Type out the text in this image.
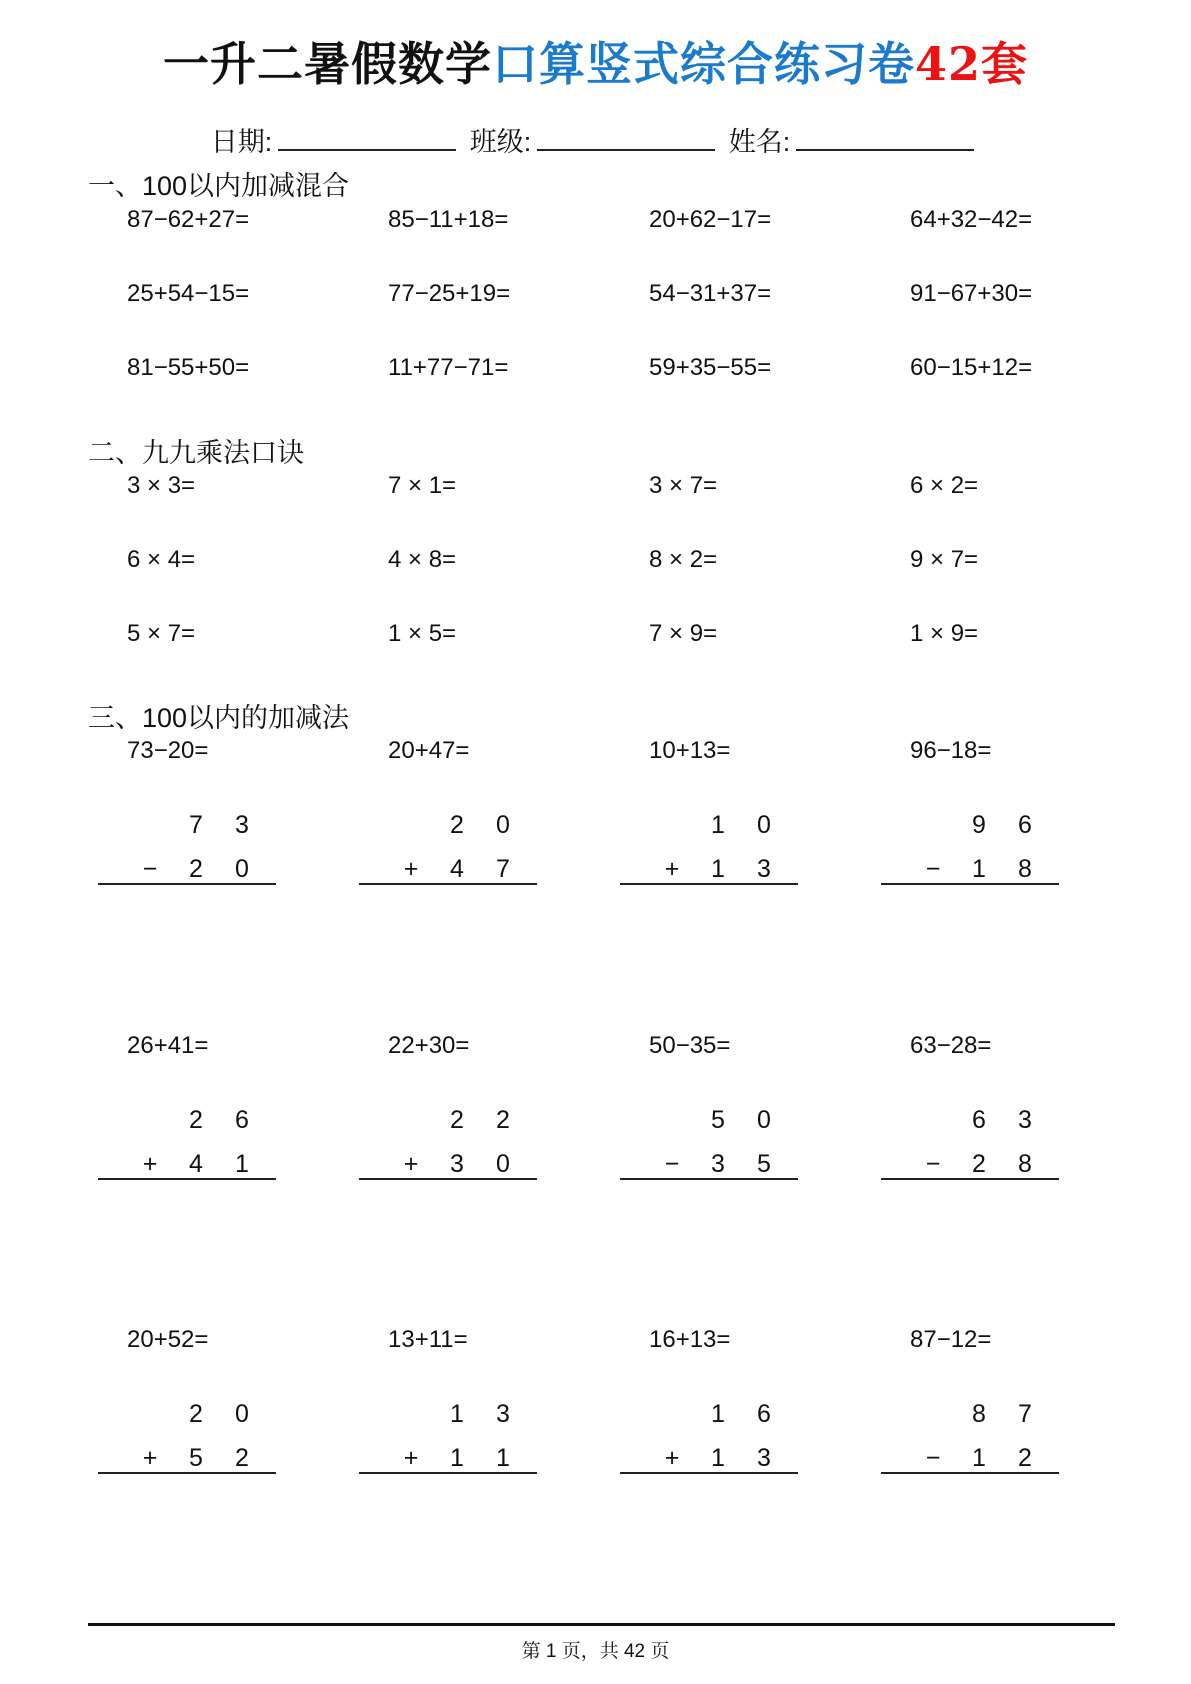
一升二暑假数学口算竖式综合练习卷42套
日期:	班级:	姓名:
一、100以内加减混合
87−62+27=	85−11+18=	20+62−17=	64+32−42=
25+54−15=	77−25+19=	54−31+37=	91−67+30=
81−55+50=	11+77−71=	59+35−55=	60−15+12=
二、九九乘法口诀
3 × 3=	7 × 1=	3 × 7=	6 × 2=
6 × 4=	4 × 8=	8 × 2=	9 × 7=
5 × 7=	1 × 5=	7 × 9=	1 × 9=
三、100以内的加减法
73−20=
7 3
− 2 0
20+47=
2 0
+ 4 7
10+13=
1 0
+ 1 3
96−18=
9 6
− 1 8
26+41=
2 6
+ 4 1
22+30=
2 2
+ 3 0
50−35=
5 0
− 3 5
63−28=
6 3
− 2 8
20+52=
2 0
+ 5 2
13+11=
1 3
+ 1 1
16+13=
1 6
+ 1 3
87−12=
8 7
− 1 2
第 1 页，共 42 页
